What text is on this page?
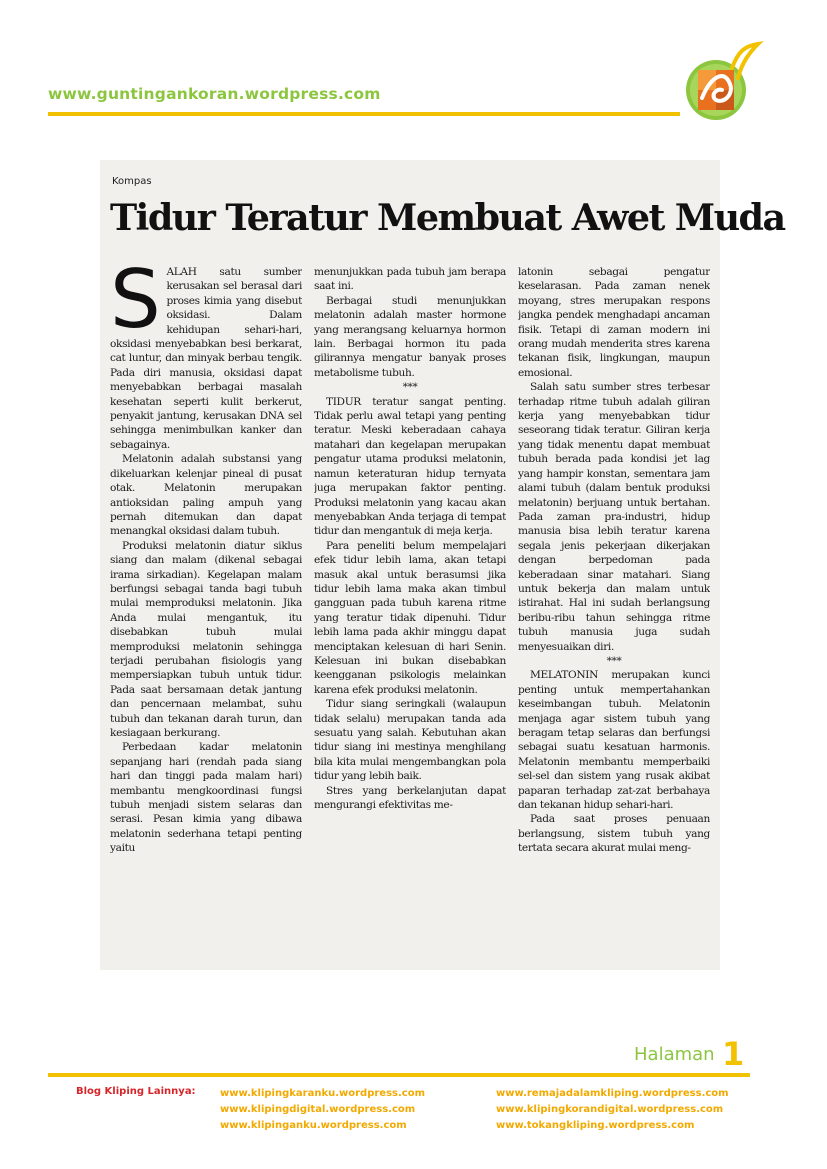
www.guntingankoran.wordpress.com
Kompas
Tidur Teratur Membuat Awet Muda

SALAH satu sumber kerusakan sel berasal dari proses kimia yang disebut oksidasi. Dalam kehidupan sehari-hari, oksidasi menyebabkan besi berkarat, cat luntur, dan minyak berbau tengik. Pada diri manusia, oksidasi dapat menyebabkan berbagai masalah kesehatan seperti kulit berkerut, penyakit jantung, kerusakan DNA sel sehingga menimbulkan kanker dan sebagainya.

Melatonin adalah substansi yang dikeluarkan kelenjar pineal di pusat otak. Melatonin merupakan antioksidan paling ampuh yang pernah ditemukan dan dapat menangkal oksidasi dalam tubuh.

Produksi melatonin diatur siklus siang dan malam (dikenal sebagai irama sirkadian). Kegelapan malam berfungsi sebagai tanda bagi tubuh mulai memproduksi melatonin. Jika Anda mulai mengantuk, itu disebabkan tubuh mulai memproduksi melatonin sehingga terjadi perubahan fisiologis yang mempersiapkan tubuh untuk tidur. Pada saat bersamaan detak jantung dan pencernaan melambat, suhu tubuh dan tekanan darah turun, dan kesiagaan berkurang.

Perbedaan kadar melatonin sepanjang hari (rendah pada siang hari dan tinggi pada malam hari) membantu mengkoordinasi fungsi tubuh menjadi sistem selaras dan serasi. Pesan kimia yang dibawa melatonin sederhana tetapi penting yaitu

menunjukkan pada tubuh jam berapa saat ini.

Berbagai studi menunjukkan melatonin adalah master hormone yang merangsang keluarnya hormon lain. Berbagai hormon itu pada gilirannya mengatur banyak proses metabolisme tubuh.

***

TIDUR teratur sangat penting. Tidak perlu awal tetapi yang penting teratur. Meski keberadaan cahaya matahari dan kegelapan merupakan pengatur utama produksi melatonin, namun keteraturan hidup ternyata juga merupakan faktor penting. Produksi melatonin yang kacau akan menyebabkan Anda terjaga di tempat tidur dan mengantuk di meja kerja.

Para peneliti belum mempelajari efek tidur lebih lama, akan tetapi masuk akal untuk berasumsi jika tidur lebih lama maka akan timbul gangguan pada tubuh karena ritme yang teratur tidak dipenuhi. Tidur lebih lama pada akhir minggu dapat menciptakan kelesuan di hari Senin. Kelesuan ini bukan disebabkan keengganan psikologis melainkan karena efek produksi melatonin.

Tidur siang seringkali (walaupun tidak selalu) merupakan tanda ada sesuatu yang salah. Kebutuhan akan tidur siang ini mestinya menghilang bila kita mulai mengembangkan pola tidur yang lebih baik.

Stres yang berkelanjutan dapat mengurangi efektivitas me-

latonin sebagai pengatur keselarasan. Pada zaman nenek moyang, stres merupakan respons jangka pendek menghadapi ancaman fisik. Tetapi di zaman modern ini orang mudah menderita stres karena tekanan fisik, lingkungan, maupun emosional.

Salah satu sumber stres terbesar terhadap ritme tubuh adalah giliran kerja yang menyebabkan tidur seseorang tidak teratur. Giliran kerja yang tidak menentu dapat membuat tubuh berada pada kondisi jet lag yang hampir konstan, sementara jam alami tubuh (dalam bentuk produksi melatonin) berjuang untuk bertahan. Pada zaman pra-industri, hidup manusia bisa lebih teratur karena segala jenis pekerjaan dikerjakan dengan berpedoman pada keberadaan sinar matahari. Siang untuk bekerja dan malam untuk istirahat. Hal ini sudah berlangsung beribu-ribu tahun sehingga ritme tubuh manusia juga sudah menyesuaikan diri.

***

MELATONIN merupakan kunci penting untuk mempertahankan keseimbangan tubuh. Melatonin menjaga agar sistem tubuh yang beragam tetap selaras dan berfungsi sebagai suatu kesatuan harmonis. Melatonin membantu memperbaiki sel-sel dan sistem yang rusak akibat paparan terhadap zat-zat berbahaya dan tekanan hidup sehari-hari.

Pada saat proses penuaan berlangsung, sistem tubuh yang tertata secara akurat mulai meng-

Halaman 1
Blog Kliping Lainnya: www.klipingkaranku.wordpress.com
www.klipingdigital.wordpress.com
www.klipinganku.wordpress.com
www.remajadalamkliping.wordpress.com
www.klipingkorandigital.wordpress.com
www.tokangkliping.wordpress.com
